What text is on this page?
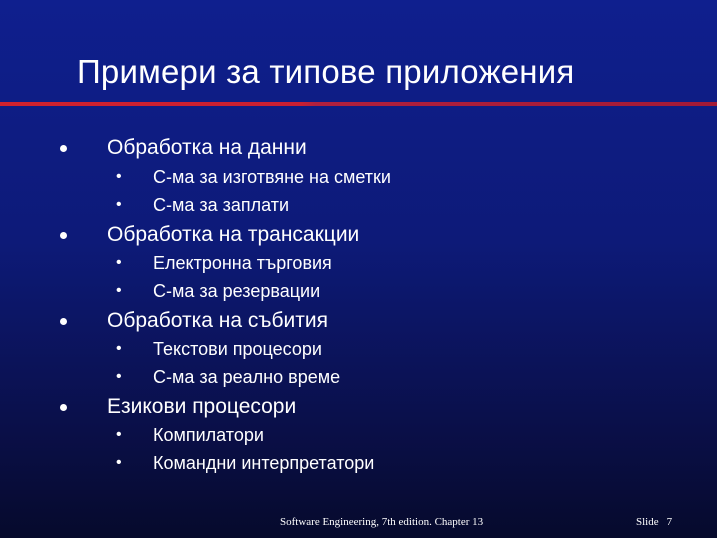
Примери за типове приложения
Обработка на данни
• С-ма за изготвяне на сметки
• С-ма за заплати
Обработка на трансакции
• Електронна търговия
• С-ма за резервации
Обработка на събития
• Текстови процесори
• С-ма за реално време
Езикови процесори
• Компилатори
• Командни интерпретатори
Software Engineering, 7th edition. Chapter 13	Slide 7
